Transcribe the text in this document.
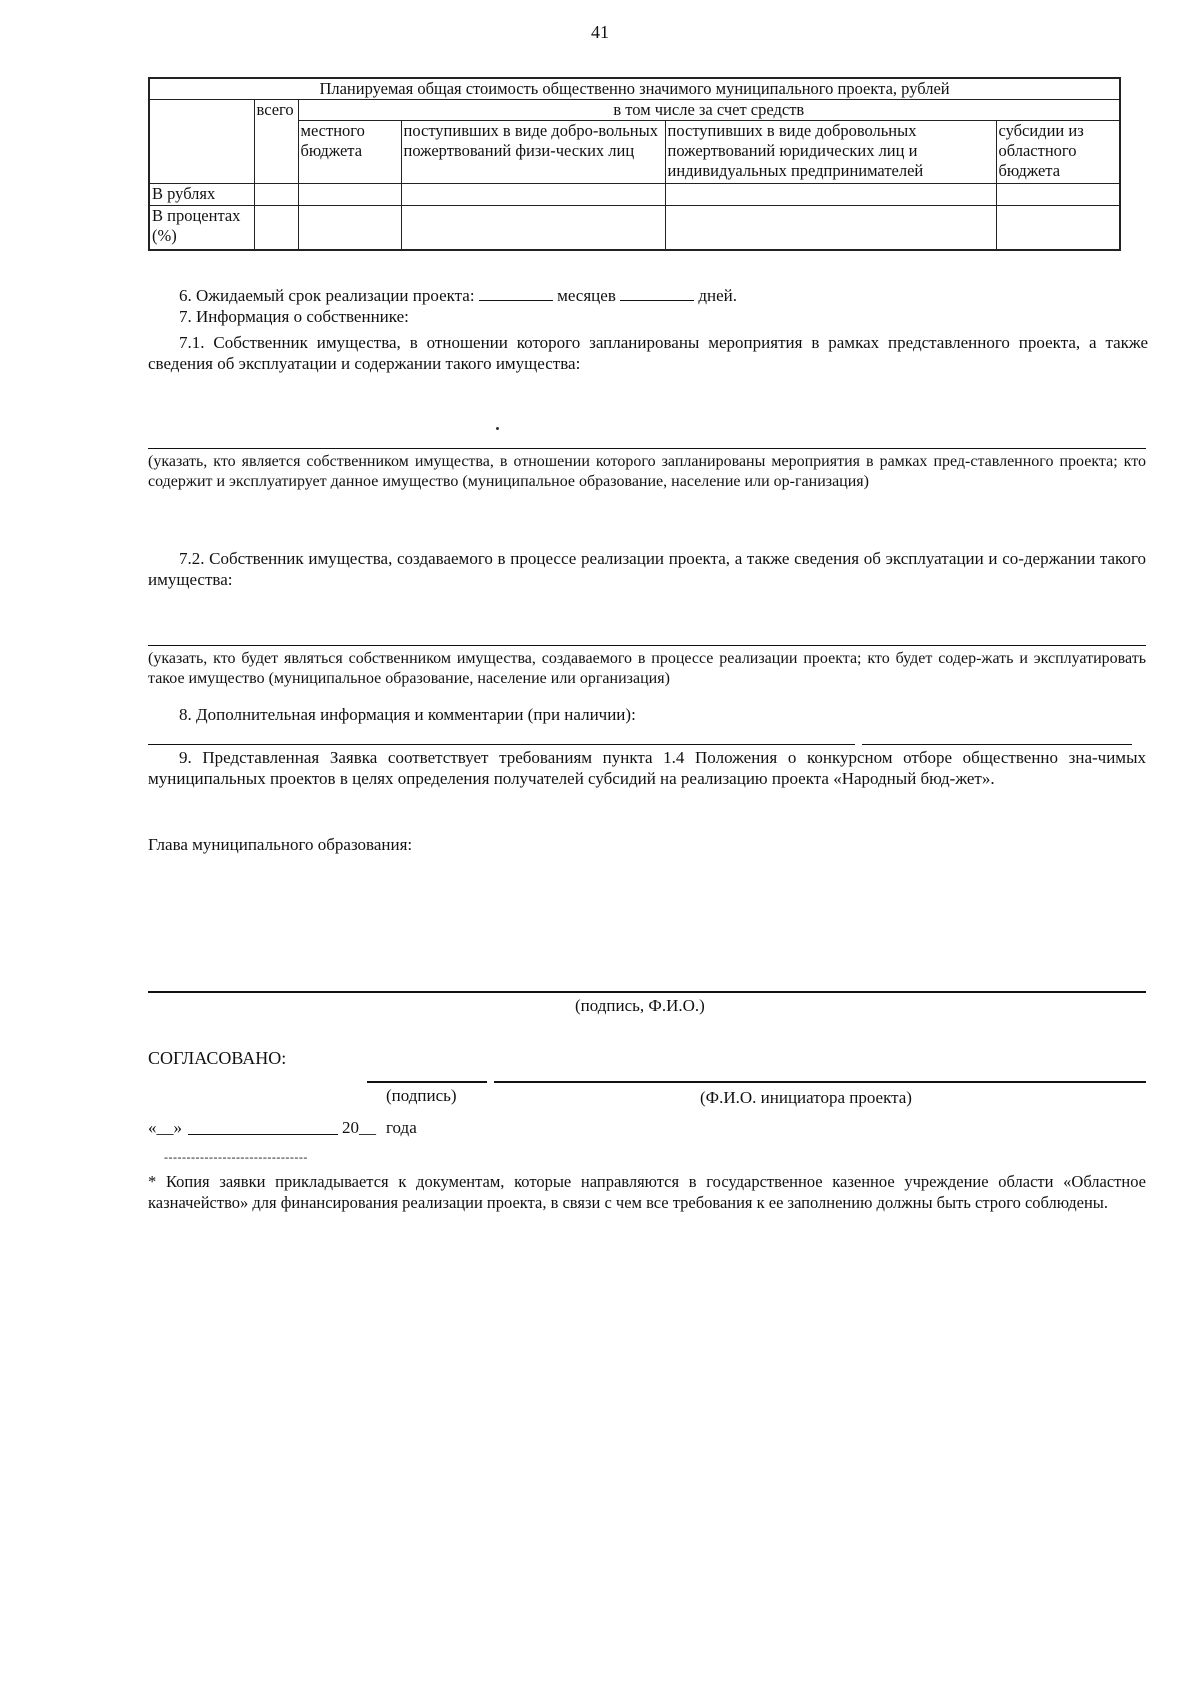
41
Планируемая общая стоимость общественно значимого муниципального проекта, рублей					
	всего	в том числе за счет средств			
		местного бюджета	поступивших в виде добро-вольных пожертвований физи-ческих лиц	поступивших в виде добровольных пожертвований юридических лиц и индивидуальных предпринимателей	субсидии из областного бюджета
В рублях					
В процентах (%)					
6. Ожидаемый срок реализации проекта:	месяцев	дней.
7. Информация о собственнике:
7.1. Собственник имущества, в отношении которого запланированы мероприятия в рамках представленного проекта, а также сведения об эксплуатации и содержании такого имущества:
(указать, кто является собственником имущества, в отношении которого запланированы мероприятия в рамках пред-ставленного проекта; кто содержит и эксплуатирует данное имущество (муниципальное образование, население или ор-ганизация)
7.2. Собственник имущества, создаваемого в процессе реализации проекта, а также сведения об эксплуатации и со-держании такого имущества:
(указать, кто будет являться собственником имущества, создаваемого в процессе реализации проекта; кто будет содер-жать и эксплуатировать такое имущество (муниципальное образование, население или организация)
8. Дополнительная информация и комментарии (при наличии):
9. Представленная Заявка соответствует требованиям пункта 1.4 Положения о конкурсном отборе общественно зна-чимых муниципальных проектов в целях определения получателей субсидий на реализацию проекта «Народный бюд-жет».
Глава муниципального образования:
(подпись, Ф.И.О.)
СОГЛАСОВАНО:
(подпись)	(Ф.И.О. инициатора проекта)
«__»	20__ года
--------------------------------
* Копия заявки прикладывается к документам, которые направляются в государственное казенное учреждение области «Областное казначейство» для финансирования реализации проекта, в связи с чем все требования к ее заполнению должны быть строго соблюдены.
